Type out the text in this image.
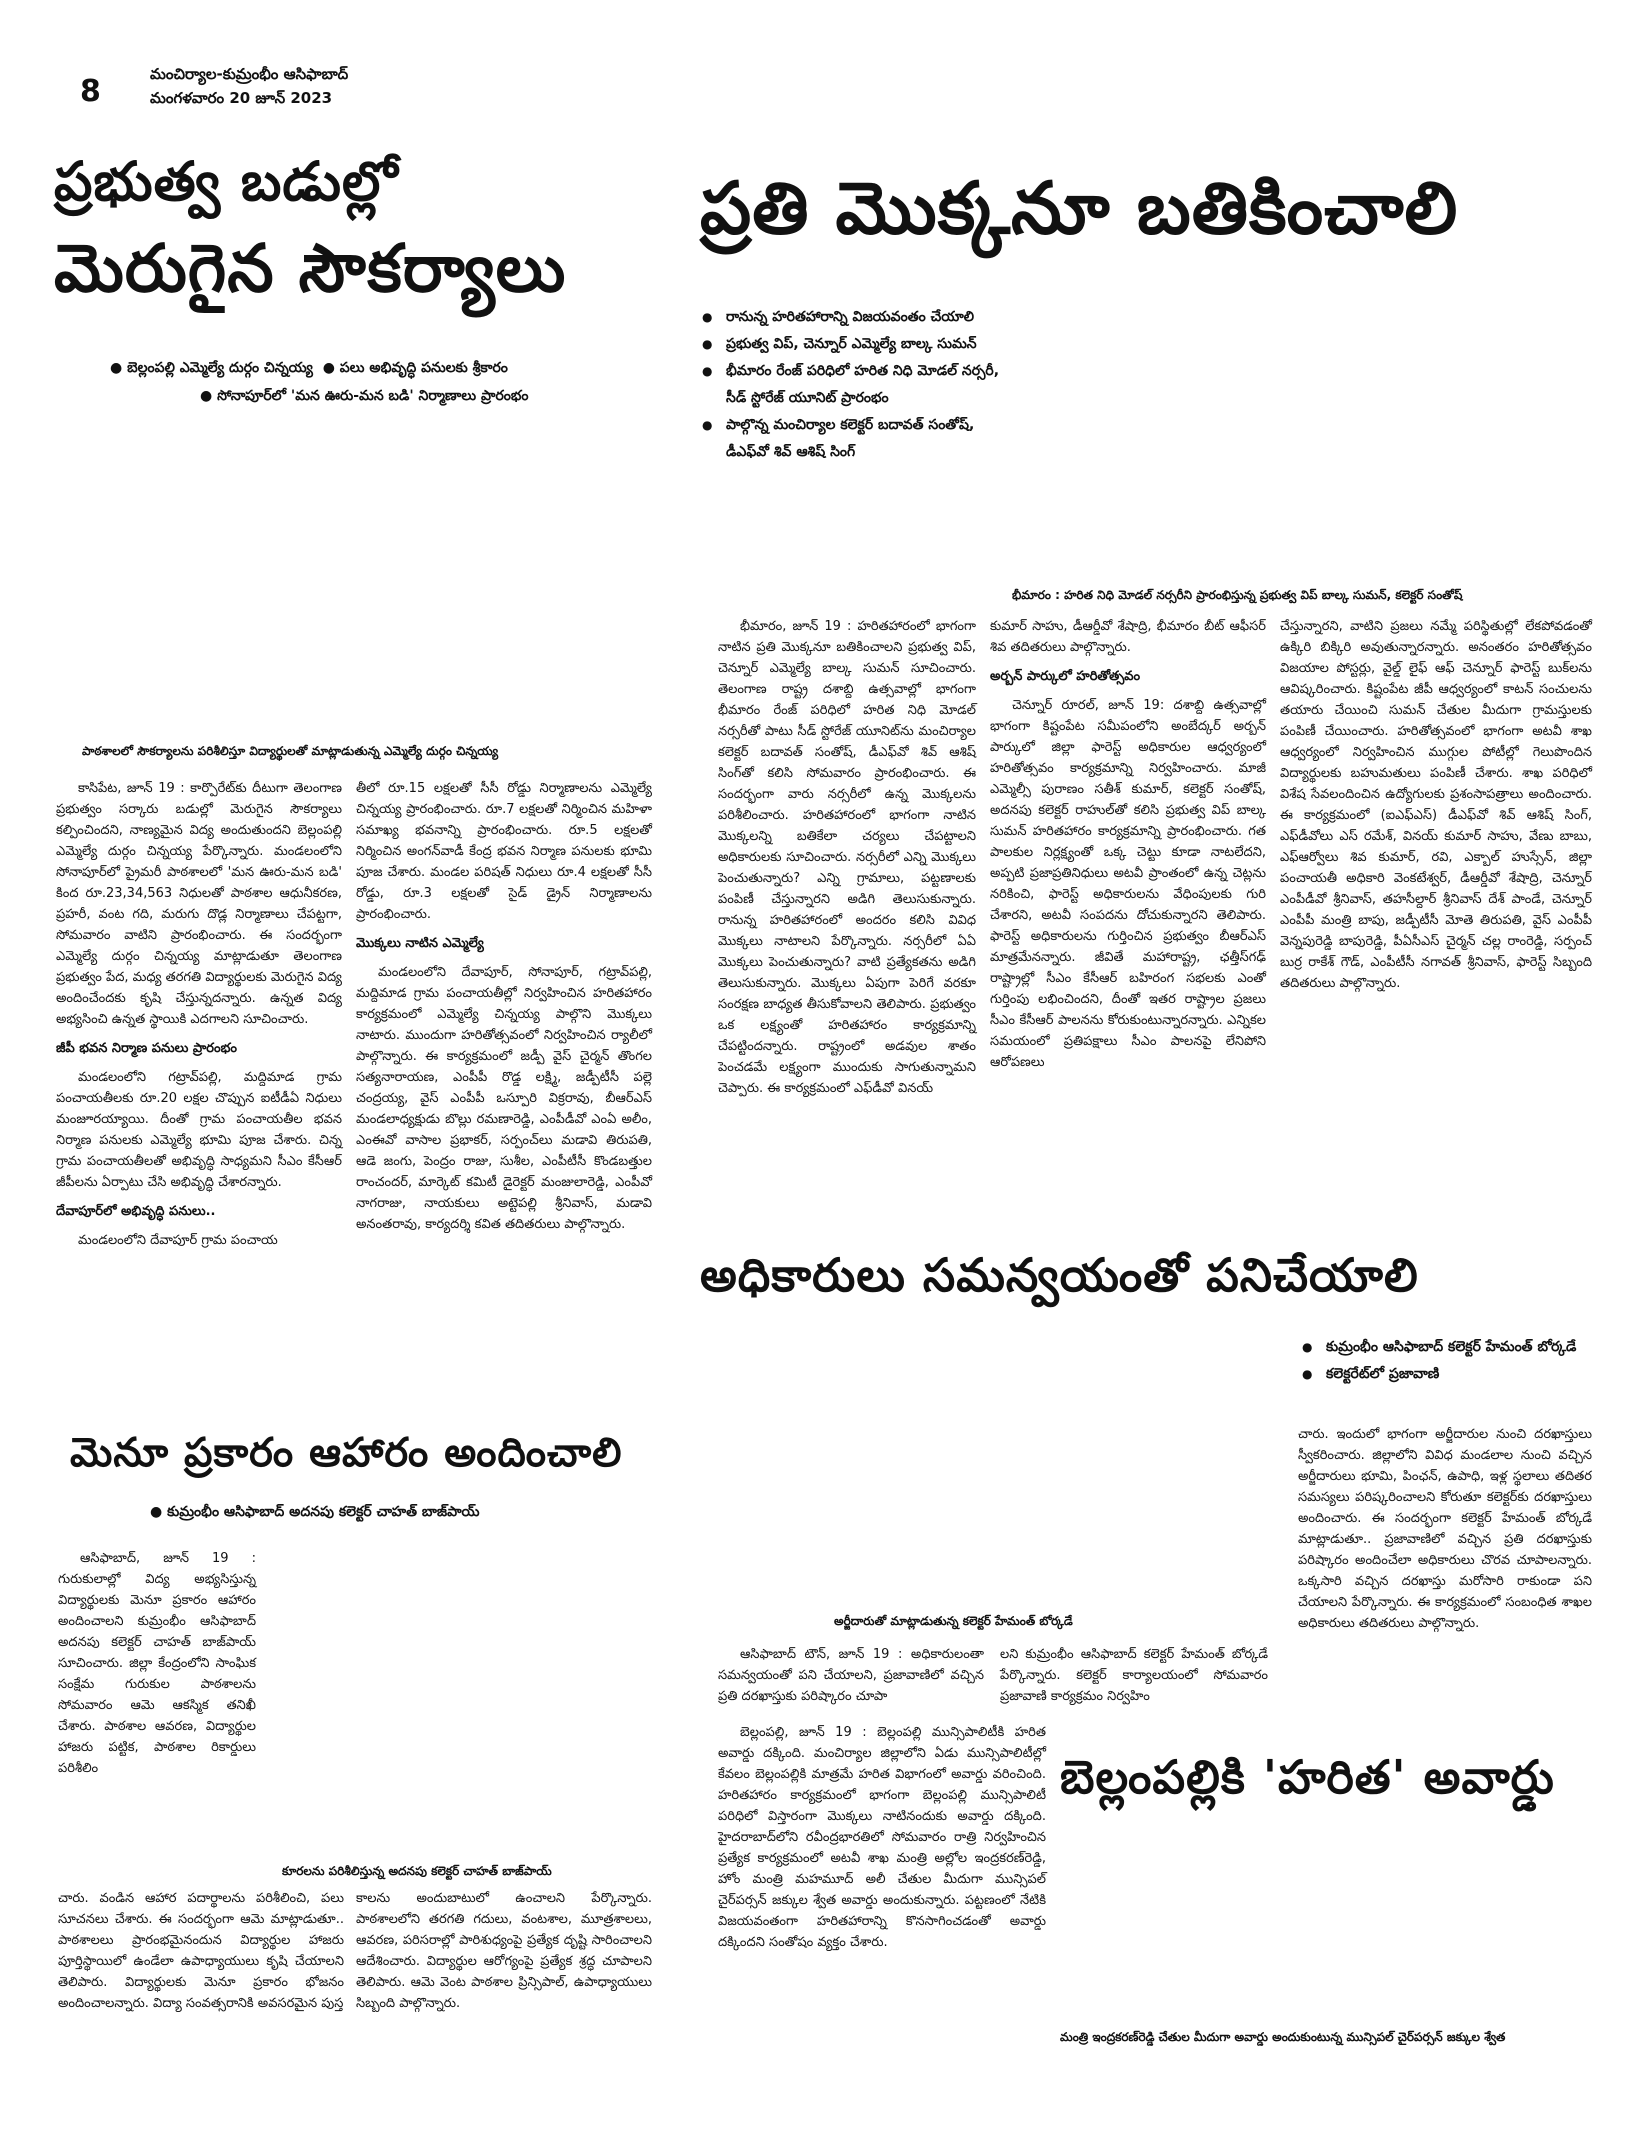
8	మంచిర్యాల-కుమ్రంభీం ఆసిఫాబాద్
మంగళవారం 20 జూన్ 2023
ప్రభుత్వ బడుల్లో
మెరుగైన సౌకర్యాలు
● బెల్లంపల్లి ఎమ్మెల్యే దుర్గం చిన్నయ్య  ● పలు అభివృద్ధి పనులకు శ్రీకారం
● సోనాపూర్‌లో 'మన ఊరు-మన బడి' నిర్మాణాలు ప్రారంభం
పాఠశాలలో సౌకర్యాలను పరిశీలిస్తూ విద్యార్థులతో మాట్లాడుతున్న ఎమ్మెల్యే దుర్గం చిన్నయ్య

కాసిపేట, జూన్‌ 19 : కార్పొరేట్‌కు దీటుగా తెలంగాణ ప్రభుత్వం సర్కారు బడుల్లో మెరుగైన సౌకర్యాలు కల్పించిందని, నాణ్యమైన విద్య అందుతుందని బెల్లంపల్లి ఎమ్మెల్యే దుర్గం చిన్నయ్య పేర్కొన్నారు. మండలంలోని సోనాపూర్‌లో ప్రైమరీ పాఠశాలలో 'మన ఊరు-మన బడి' కింద రూ.23,34,563 నిధులతో పాఠశాల ఆధునీకరణ, ప్రహరీ, వంట గది, మరుగు దొడ్ల నిర్మాణాలు చేపట్టగా, సోమవారం వాటిని ప్రారంభించారు. ఈ సందర్భంగా ఎమ్మెల్యే దుర్గం చిన్నయ్య మాట్లాడుతూ తెలంగాణ ప్రభుత్వం పేద, మధ్య తరగతి విద్యార్థులకు మెరుగైన విద్య అందించేందకు కృషి చేస్తున్నదన్నారు. ఉన్నత విద్య అభ్యసించి ఉన్నత స్థాయికి ఎదగాలని సూచించారు.

జీపీ భవన నిర్మాణ పనులు ప్రారంభం

మండలంలోని గట్రావ్‌పల్లి, మద్దిమాడ గ్రామ పంచాయతీలకు రూ.20 లక్షల చొప్పున ఐటీడీఏ నిధులు మంజూరయ్యాయి. దీంతో గ్రామ పంచాయతీల భవన నిర్మాణ పనులకు ఎమ్మెల్యే భూమి పూజ చేశారు. చిన్న గ్రామ పంచాయతీలతో అభివృద్ధి సాధ్యమని సీఎం కేసీఆర్‌ జీపీలను ఏర్పాటు చేసి అభివృద్ధి చేశారన్నారు.

దేవాపూర్‌లో అభివృద్ధి పనులు..

మండలంలోని దేవాపూర్‌ గ్రామ పంచాయ

తీలో రూ.15 లక్షలతో సీసీ రోడ్డు నిర్మాణాలను ఎమ్మెల్యే చిన్నయ్య ప్రారంభించారు. రూ.7 లక్షలతో నిర్మించిన మహిళా సమాఖ్య భవనాన్ని ప్రారంభించారు. రూ.5 లక్షలతో నిర్మించిన అంగన్‌వాడీ కేంద్ర భవన నిర్మాణ పనులకు భూమి పూజ చేశారు. మండల పరిషత్‌ నిధులు రూ.4 లక్షలతో సీసీ రోడ్డు, రూ.3 లక్షలతో సైడ్‌ డ్రైన్‌ నిర్మాణాలను ప్రారంభించారు.

మొక్కలు నాటిన ఎమ్మెల్యే

మండలంలోని దేవాపూర్‌, సోనాపూర్‌, గట్రావ్‌పల్లి, మద్దిమాడ గ్రామ పంచాయతీల్లో నిర్వహించిన హరితహారం కార్యక్రమంలో ఎమ్మెల్యే చిన్నయ్య పాల్గొని మొక్కలు నాటారు. ముందుగా హరితోత్సవంలో నిర్వహించిన ర్యాలీలో పాల్గొన్నారు. ఈ కార్యక్రమంలో జడ్పీ వైస్‌ చైర్మన్‌ తొంగల సత్యనారాయణ, ఎంపీపీ రొడ్డ లక్ష్మి, జడ్పీటీసీ పల్లె చంద్రయ్య, వైస్‌ ఎంపీపీ ఒస్పూరి విక్రరావు, బీఆర్‌ఎస్‌ మండలాధ్యక్షుడు బొల్లు రమణారెడ్డి, ఎంపీడీవో ఎంఏ అలీం, ఎంఈవో వాసాల ప్రభాకర్‌, సర్పంచ్‌లు మడావి తిరుపతి, ఆడె జంగు, పెంద్రం రాజు, సుశీల, ఎంపీటీసీ కొండబత్తుల రాంచందర్‌, మార్కెట్‌ కమిటీ డైరెక్టర్‌ మంజులారెడ్డి, ఎంపీవో నాగరాజు, నాయకులు అట్టెపల్లి శ్రీనివాస్‌, మడావి అనంతరావు, కార్యదర్శి కవిత తదితరులు పాల్గొన్నారు.

ప్రతి మొక్కనూ బతికించాలి
● రానున్న హరితహారాన్ని విజయవంతం చేయాలి
● ప్రభుత్వ విప్‌, చెన్నూర్‌ ఎమ్మెల్యే బాల్క సుమన్‌
● భీమారం రేంజ్‌ పరిధిలో హరిత నిధి మోడల్‌ నర్సరీ, సీడ్‌ స్టోరేజ్‌ యూనిట్‌ ప్రారంభం
● పాల్గొన్న మంచిర్యాల కలెక్టర్‌ బదావత్‌ సంతోష్‌, డీఎఫ్‌వో శివ్‌ ఆశిష్‌ సింగ్‌
భీమారం : హరిత నిధి మోడల్‌ నర్సరీని ప్రారంభిస్తున్న ప్రభుత్వ విప్‌ బాల్క సుమన్‌, కలెక్టర్‌ సంతోష్‌

భీమారం, జూన్‌ 19 : హరితహారంలో భాగంగా నాటిన ప్రతి మొక్కనూ బతికించాలని ప్రభుత్వ విప్‌, చెన్నూర్‌ ఎమ్మెల్యే బాల్క సుమన్‌ సూచించారు. తెలంగాణ రాష్ట్ర దశాబ్ది ఉత్సవాల్లో భాగంగా భీమారం రేంజ్‌ పరిధిలో హరిత నిధి మోడల్‌ నర్సరీతో పాటు సీడ్‌ స్టోరేజ్‌ యూనిట్‌ను మంచిర్యాల కలెక్టర్‌ బదావత్‌ సంతోష్‌, డీఎఫ్‌వో శివ్‌ ఆశిష్‌ సింగ్‌తో కలిసి సోమవారం ప్రారంభించారు. ఈ సందర్భంగా వారు నర్సరీలో ఉన్న మొక్కలను పరిశీలించారు. హరితహారంలో భాగంగా నాటిన మొక్కలన్ని బతికేలా చర్యలు చేపట్టాలని అధికారులకు సూచించారు. నర్సరీలో ఎన్ని మొక్కలు పెంచుతున్నారు? ఎన్ని గ్రామాలు, పట్టణాలకు పంపిణీ చేస్తున్నారని అడిగి తెలుసుకున్నారు. రానున్న హరితహారంలో అందరం కలిసి వివిధ మొక్కలు నాటాలని పేర్కొన్నారు. నర్సరీలో ఏఏ మొక్కలు పెంచుతున్నారు? వాటి ప్రత్యేకతను అడిగి తెలుసుకున్నారు. మొక్కలు ఏపుగా పెరిగే వరకూ సంరక్షణ బాధ్యత తీసుకోవాలని తెలిపారు. ప్రభుత్వం ఒక లక్ష్యంతో హరితహారం కార్యక్రమాన్ని చేపట్టిందన్నారు. రాష్ట్రంలో అడవుల శాతం పెంచడమే లక్ష్యంగా ముందుకు సాగుతున్నామని చెప్పారు. ఈ కార్యక్రమంలో ఎఫ్‌డీవో వినయ్‌

కుమార్‌ సాహు, డీఆర్డీవో శేషాద్రి, భీమారం బీట్‌ ఆఫీసర్‌ శివ తదితరులు పాల్గొన్నారు.

అర్బన్‌ పార్కులో హరితోత్సవం

చెన్నూర్‌ రూరల్‌, జూన్‌ 19: దశాబ్ది ఉత్సవాల్లో భాగంగా కిష్టంపేట సమీపంలోని అంబేద్కర్‌ అర్బన్‌ పార్కులో జిల్లా ఫారెస్ట్‌ అధికారుల ఆధ్వర్యంలో హరితోత్సవం కార్యక్రమాన్ని నిర్వహించారు. మాజీ ఎమ్మెల్సీ పురాణం సతీశ్‌ కుమార్‌, కలెక్టర్‌ సంతోష్‌, అదనపు కలెక్టర్‌ రాహుల్‌తో కలిసి ప్రభుత్వ విప్‌ బాల్క సుమన్‌ హరితహారం కార్యక్రమాన్ని ప్రారంభించారు. గత పాలకుల నిర్లక్ష్యంతో ఒక్క చెట్టు కూడా నాటలేదని, అప్పటి ప్రజాప్రతినిధులు అటవీ ప్రాంతంలో ఉన్న చెట్లను నరికించి, ఫారెస్ట్‌ అధికారులను వేధింపులకు గురి చేశారని, అటవీ సంపదను దోచుకున్నారని తెలిపారు. ఫారెస్ట్‌ అధికారులను గుర్తించిన ప్రభుత్వం బీఆర్‌ఎస్‌ మాత్రమేనన్నారు. జీవితే మహారాష్ట్ర, ఛత్తీస్‌గఢ్‌ రాష్ట్రాల్లో సీఎం కేసీఆర్‌ బహిరంగ సభలకు ఎంతో గుర్తింపు లభించిందని, దీంతో ఇతర రాష్ట్రాల ప్రజలు సీఎం కేసీఆర్‌ పాలనను కోరుకుంటున్నారన్నారు. ఎన్నికల సమయంలో ప్రతిపక్షాలు సీఎం పాలనపై లేనిపోని ఆరోపణలు

చేస్తున్నారని, వాటిని ప్రజలు నమ్మే పరిస్థితుల్లో లేకపోవడంతో ఉక్కిరి బిక్కిరి అవుతున్నారన్నారు. అనంతరం హరితోత్సవం విజయాల పోస్టర్లు, వైల్డ్‌ లైఫ్‌ ఆఫ్‌ చెన్నూర్‌ ఫారెస్ట్‌ బుక్‌లను ఆవిష్కరించారు. కిష్టంపేట జీపీ ఆధ్వర్యంలో కాటన్‌ సంచులను తయారు చేయించి సుమన్‌ చేతుల మీదుగా గ్రామస్తులకు పంపిణీ చేయించారు. హరితోత్సవంలో భాగంగా అటవీ శాఖ ఆధ్వర్యంలో నిర్వహించిన ముగ్గుల పోటీల్లో గెలుపొందిన విద్యార్థులకు బహుమతులు పంపిణీ చేశారు. శాఖ పరిధిలో విశేష సేవలందించిన ఉద్యోగులకు ప్రశంసాపత్రాలు అందించారు. ఈ కార్యక్రమంలో (ఐఎఫ్‌ఎస్‌) డీఎఫ్‌వో శివ్‌ ఆశిష్‌ సింగ్‌, ఎఫ్‌డీవోలు ఎస్‌ రమేశ్‌, వినయ్‌ కుమార్‌ సాహు, వేణు బాబు, ఎఫ్‌ఆర్వోలు శివ కుమార్‌, రవి, ఎక్బాల్‌ హుస్సేన్‌, జిల్లా పంచాయతీ అధికారి వెంకటేశ్వర్‌, డీఆర్డీవో శేషాద్రి, చెన్నూర్‌ ఎంపీడీవో శ్రీనివాస్‌, తహసీల్దార్‌ శ్రీనివాస్‌ దేశ్‌ పాండే, చెన్నూర్‌ ఎంపీపీ మంత్రి బాపు, జడ్పీటీసీ మోతె తిరుపతి, వైస్‌ ఎంపీపీ వెన్నపురెడ్డి బాపురెడ్డి, పీఏసీఎస్‌ చైర్మన్‌ చల్ల రాంరెడ్డి, సర్పంచ్‌ బుర్ర రాకేశ్‌ గౌడ్‌, ఎంపీటీసీ నగావత్‌ శ్రీనివాస్‌, ఫారెస్ట్‌ సిబ్బంది తదితరులు పాల్గొన్నారు.

మెనూ ప్రకారం ఆహారం అందించాలి
● కుమ్రంభీం ఆసిఫాబాద్‌ అదనపు కలెక్టర్‌ చాహత్‌ బాజ్‌పాయ్‌

ఆసిఫాబాద్‌, జూన్‌ 19 : గురుకులాల్లో విద్య అభ్యసిస్తున్న విద్యార్థులకు మెనూ ప్రకారం ఆహారం అందించాలని కుమ్రంభీం ఆసిఫాబాద్‌ అదనపు కలెక్టర్‌ చాహత్‌ బాజ్‌పాయ్‌ సూచించారు. జిల్లా కేంద్రంలోని సాంఘిక సంక్షేమ గురుకుల పాఠశాలను సోమవారం ఆమె ఆకస్మిక తనిఖీ చేశారు. పాఠశాల ఆవరణ, విద్యార్థుల హాజరు పట్టిక, పాఠశాల రికార్డులు పరిశీలిం

కూరలను పరిశీలిస్తున్న అదనపు కలెక్టర్‌ చాహత్‌ బాజ్‌పాయ్‌

చారు. వండిన ఆహార పదార్థాలను పరిశీలించి, పలు సూచనలు చేశారు. ఈ సందర్భంగా ఆమె మాట్లాడుతూ.. పాఠశాలలు ప్రారంభమైనందున విద్యార్థుల హాజరు పూర్తిస్థాయిలో ఉండేలా ఉపాధ్యాయులు కృషి చేయాలని తెలిపారు. విద్యార్థులకు మెనూ ప్రకారం భోజనం అందించాలన్నారు. విద్యా సంవత్సరానికి అవసరమైన పుస్త

కాలను అందుబాటులో ఉంచాలని పేర్కొన్నారు. పాఠశాలలోని తరగతి గదులు, వంటశాల, మూత్రశాలలు, ఆవరణ, పరిసరాల్లో పారిశుధ్యంపై ప్రత్యేక దృష్టి సారించాలని ఆదేశించారు. విద్యార్థుల ఆరోగ్యంపై ప్రత్యేక శ్రద్ధ చూపాలని తెలిపారు. ఆమె వెంట పాఠశాల ప్రిన్సిపాల్‌, ఉపాధ్యాయులు సిబ్బంది పాల్గొన్నారు.

అధికారులు సమన్వయంతో పనిచేయాలి
● కుమ్రంభీం ఆసిఫాబాద్‌ కలెక్టర్‌ హేమంత్‌ బోర్కడే
● కలెక్టరేట్‌లో ప్రజావాణి

చారు. ఇందులో భాగంగా అర్జీదారుల నుంచి దరఖాస్తులు స్వీకరించారు. జిల్లాలోని వివిధ మండలాల నుంచి వచ్చిన అర్జీదారులు భూమి, పింఛన్‌, ఉపాధి, ఇళ్ల స్థలాలు తదితర సమస్యలు పరిష్కరించాలని కోరుతూ కలెక్టర్‌కు దరఖాస్తులు అందించారు. ఈ సందర్భంగా కలెక్టర్‌ హేమంత్‌ బోర్కడే మాట్లాడుతూ.. ప్రజావాణిలో వచ్చిన ప్రతి దరఖాస్తుకు పరిష్కారం అందించేలా అధికారులు చొరవ చూపాలన్నారు. ఒక్కసారి వచ్చిన దరఖాస్తు మరోసారి రాకుండా పని చేయాలని పేర్కొన్నారు. ఈ కార్యక్రమంలో సంబంధిత శాఖల అధికారులు తదితరులు పాల్గొన్నారు.

అర్జీదారుతో మాట్లాడుతున్న కలెక్టర్‌ హేమంత్‌ బోర్కడే

ఆసిఫాబాద్‌ టౌన్‌, జూన్‌ 19 : అధికారులంతా సమన్వయంతో పని చేయాలని, ప్రజావాణిలో వచ్చిన ప్రతి దరఖాస్తుకు పరిష్కారం చూపా

లని కుమ్రంభీం ఆసిఫాబాద్‌ కలెక్టర్‌ హేమంత్‌ బోర్కడే పేర్కొన్నారు. కలెక్టర్‌ కార్యాలయంలో సోమవారం ప్రజావాణి కార్యక్రమం నిర్వహిం

బెల్లంపల్లికి 'హరిత' అవార్డు

బెల్లంపల్లి, జూన్‌ 19 : బెల్లంపల్లి మున్సిపాలిటీకి హరిత అవార్డు దక్కింది. మంచిర్యాల జిల్లాలోని ఏడు మున్సిపాలిటీల్లో కేవలం బెల్లంపల్లికి మాత్రమే హరిత విభాగంలో అవార్డు వరించింది. హరితహారం కార్యక్రమంలో భాగంగా బెల్లంపల్లి మున్సిపాలిటీ పరిధిలో విస్తారంగా మొక్కలు నాటినందుకు అవార్డు దక్కింది. హైదరాబాద్‌లోని రవీంద్రభారతిలో సోమవారం రాత్రి నిర్వహించిన ప్రత్యేక కార్యక్రమంలో అటవీ శాఖ మంత్రి అల్లోల ఇంద్రకరణ్‌రెడ్డి, హోం మంత్రి మహమూద్‌ అలీ చేతుల మీదుగా మున్సిపల్‌ చైర్‌పర్సన్‌ జక్కుల శ్వేత అవార్డు అందుకున్నారు. పట్టణంలో నేటికి విజయవంతంగా హరితహారాన్ని కొనసాగించడంతో అవార్డు దక్కిందని సంతోషం వ్యక్తం చేశారు.

మంత్రి ఇంద్రకరణ్‌రెడ్డి చేతుల మీదుగా అవార్డు అందుకుంటున్న మున్సిపల్‌ చైర్‌పర్సన్‌ జక్కుల శ్వేత
